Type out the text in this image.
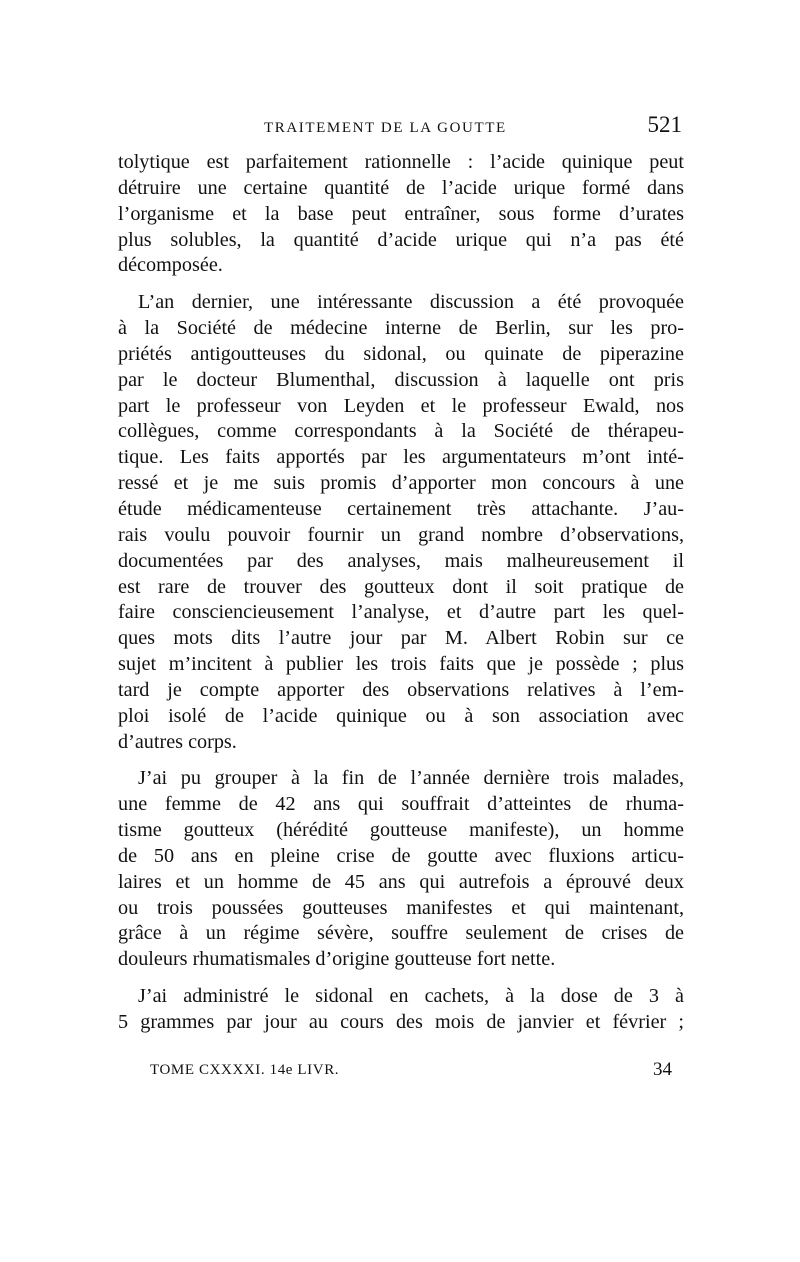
TRAITEMENT DE LA GOUTTE	521
tolytique est parfaitement rationnelle : l’acide quinique peut
détruire une certaine quantité de l’acide urique formé dans
l’organisme et la base peut entraîner, sous forme d’urates
plus solubles, la quantité d’acide urique qui n’a pas été
décomposée.
L’an dernier, une intéressante discussion a été provoquée
à la Société de médecine interne de Berlin, sur les pro-
priétés antigoutteuses du sidonal, ou quinate de piperazine
par le docteur Blumenthal, discussion à laquelle ont pris
part le professeur von Leyden et le professeur Ewald, nos
collègues, comme correspondants à la Société de thérapeu-
tique. Les faits apportés par les argumentateurs m’ont inté-
ressé et je me suis promis d’apporter mon concours à une
étude médicamenteuse certainement très attachante. J’au-
rais voulu pouvoir fournir un grand nombre d’observations,
documentées par des analyses, mais malheureusement il
est rare de trouver des goutteux dont il soit pratique de
faire consciencieusement l’analyse, et d’autre part les quel-
ques mots dits l’autre jour par M. Albert Robin sur ce
sujet m’incitent à publier les trois faits que je possède ; plus
tard je compte apporter des observations relatives à l’em-
ploi isolé de l’acide quinique ou à son association avec
d’autres corps.
J’ai pu grouper à la fin de l’année dernière trois malades,
une femme de 42 ans qui souffrait d’atteintes de rhuma-
tisme goutteux (hérédité goutteuse manifeste), un homme
de 50 ans en pleine crise de goutte avec fluxions articu-
laires et un homme de 45 ans qui autrefois a éprouvé deux
ou trois poussées goutteuses manifestes et qui maintenant,
grâce à un régime sévère, souffre seulement de crises de
douleurs rhumatismales d’origine goutteuse fort nette.
J’ai administré le sidonal en cachets, à la dose de 3 à
5 grammes par jour au cours des mois de janvier et février ;
TOME CXXXXI. 14e LIVR.	34
